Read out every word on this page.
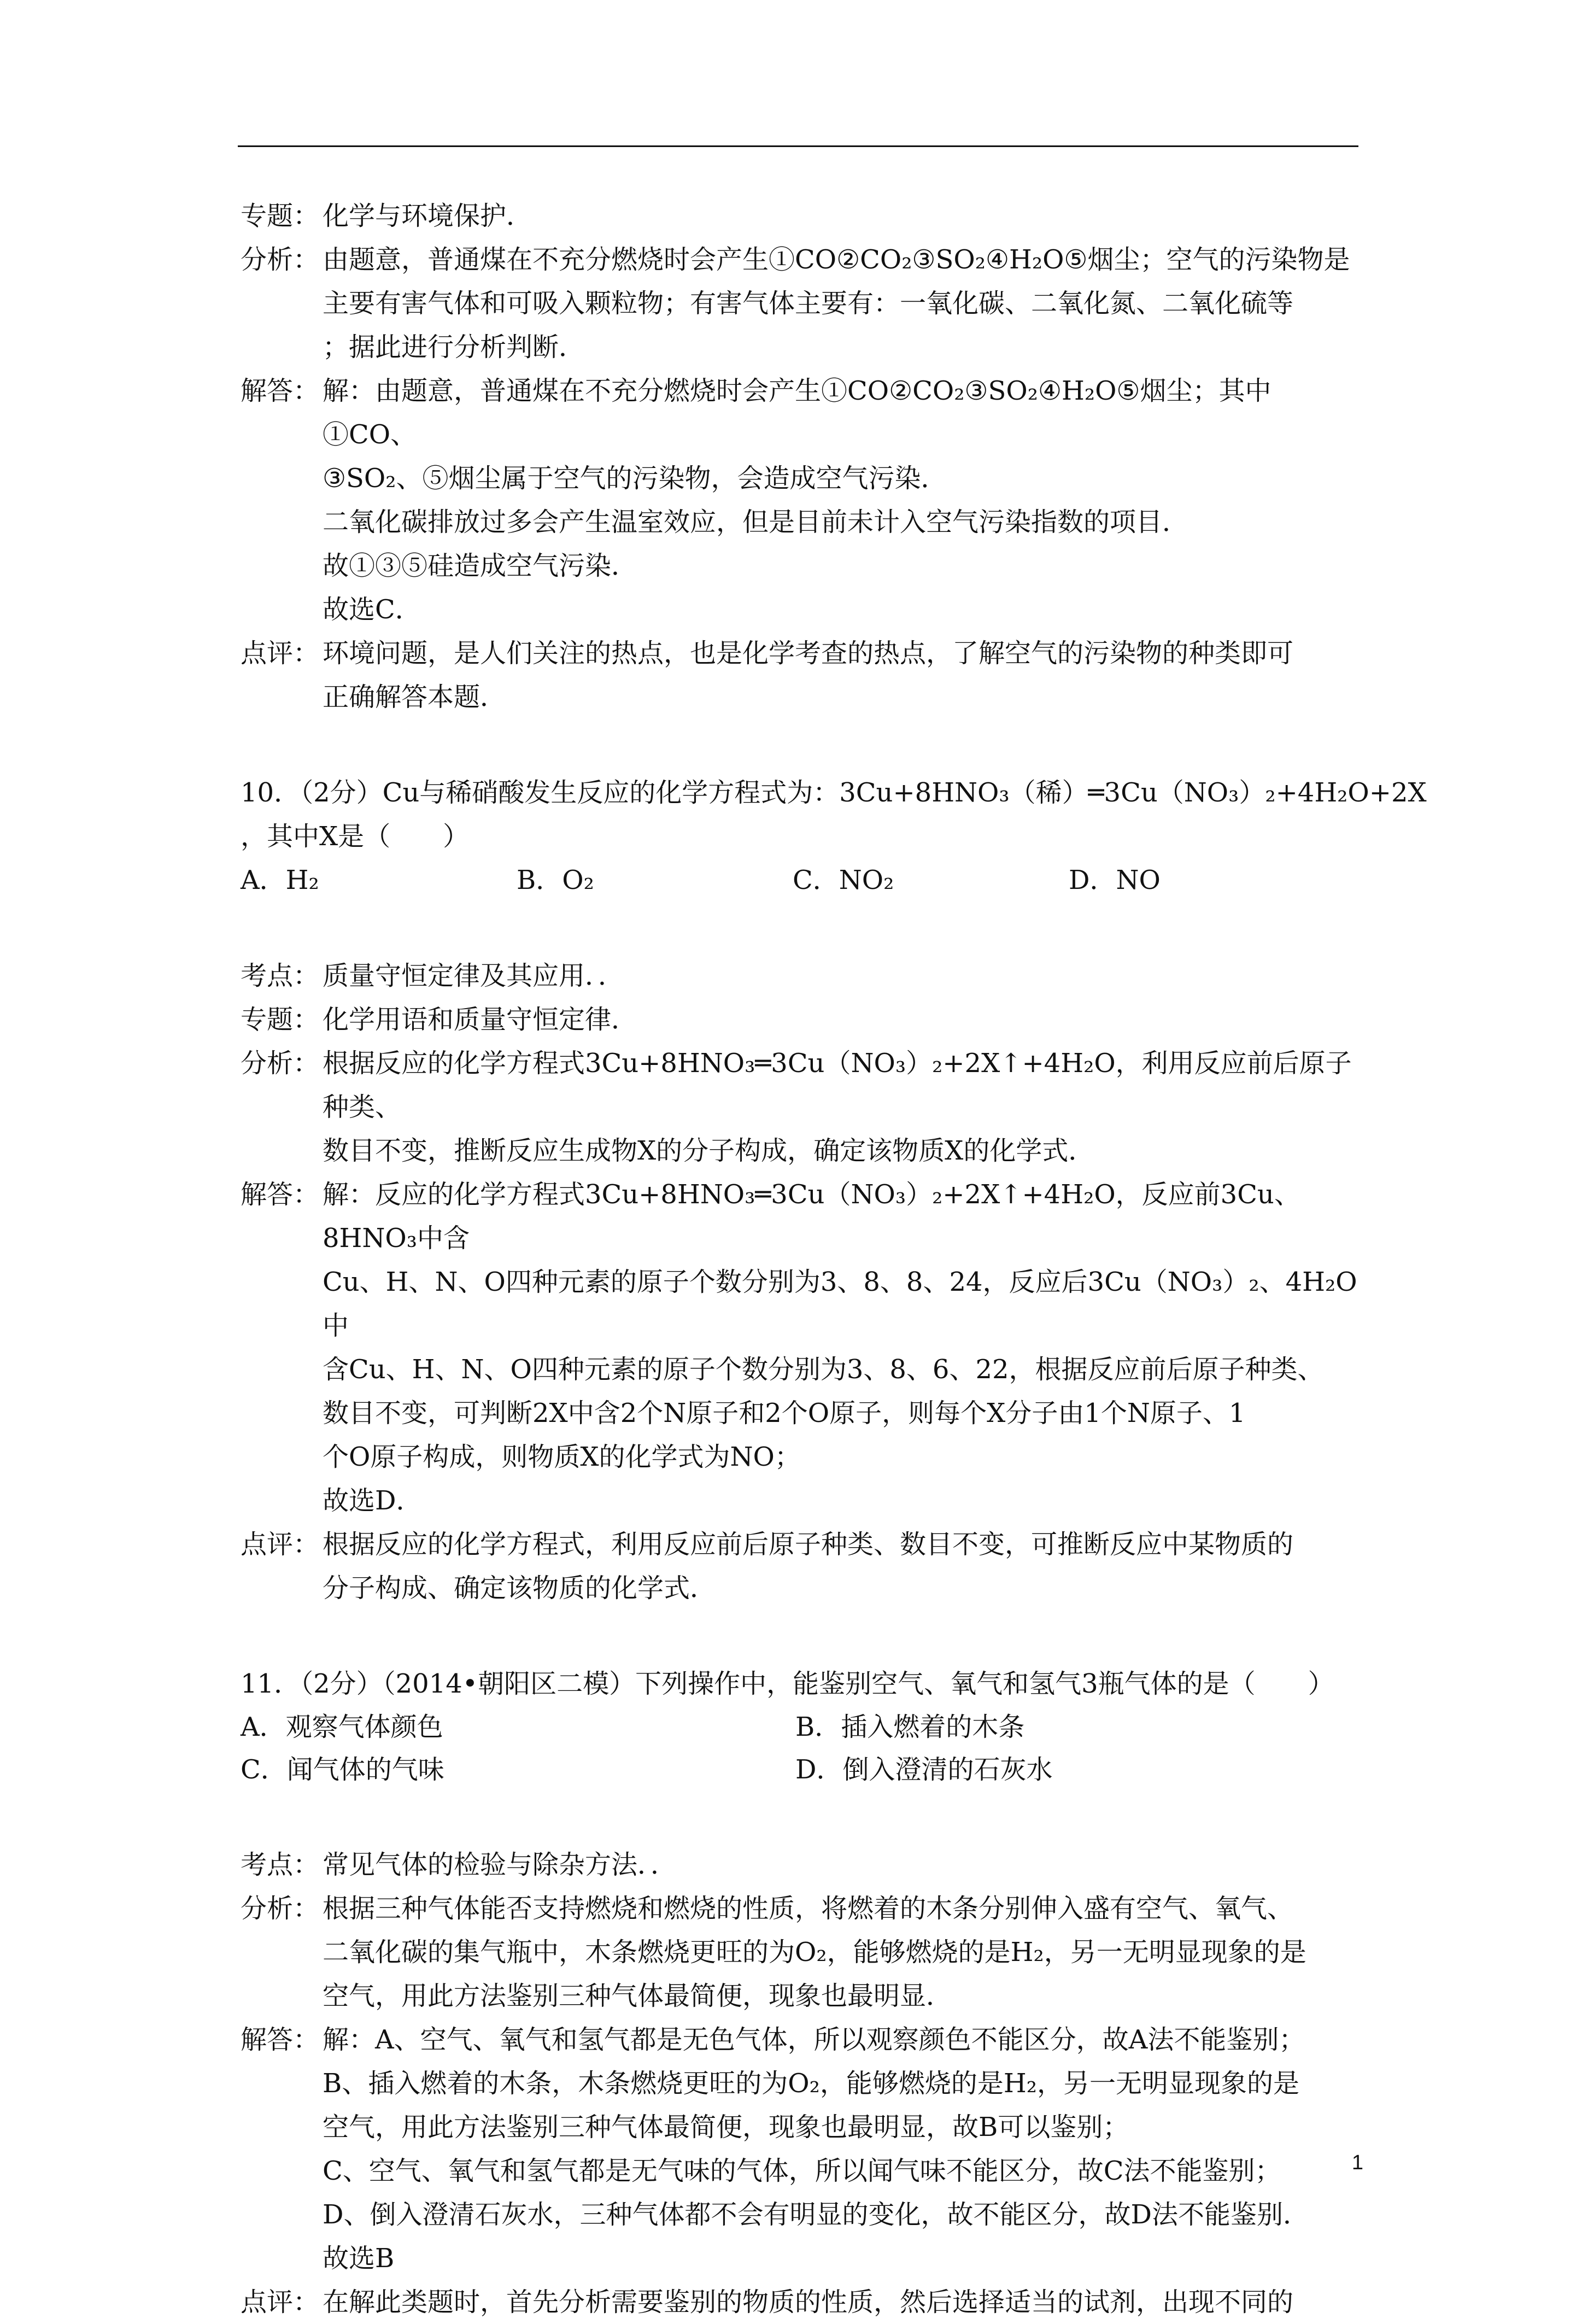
专题： 化学与环境保护．
分析： 由题意，普通煤在不充分燃烧时会产生①CO②CO₂③SO₂④H₂O⑤烟尘；空气的污染物是
主要有害气体和可吸入颗粒物；有害气体主要有：一氧化碳、二氧化氮、二氧化硫等
；据此进行分析判断．
解答： 解：由题意，普通煤在不充分燃烧时会产生①CO②CO₂③SO₂④H₂O⑤烟尘；其中①CO、
③SO₂、⑤烟尘属于空气的污染物，会造成空气污染．
二氧化碳排放过多会产生温室效应，但是目前未计入空气污染指数的项目．
故①③⑤硅造成空气污染．
故选C．
点评： 环境问题，是人们关注的热点，也是化学考查的热点，了解空气的污染物的种类即可
正确解答本题．
10．（2分）Cu与稀硝酸发生反应的化学方程式为：3Cu+8HNO₃（稀）═3Cu（NO₃）₂+4H₂O+2X
，其中X是（　　）
A．H₂	B．O₂	C．NO₂	D．NO
考点： 质量守恒定律及其应用．．
专题： 化学用语和质量守恒定律．
分析： 根据反应的化学方程式3Cu+8HNO₃═3Cu（NO₃）₂+2X↑+4H₂O，利用反应前后原子种类、
数目不变，推断反应生成物X的分子构成，确定该物质X的化学式．
解答： 解：反应的化学方程式3Cu+8HNO₃═3Cu（NO₃）₂+2X↑+4H₂O，反应前3Cu、8HNO₃中含
Cu、H、N、O四种元素的原子个数分别为3、8、8、24，反应后3Cu（NO₃）₂、4H₂O中
含Cu、H、N、O四种元素的原子个数分别为3、8、6、22，根据反应前后原子种类、
数目不变，可判断2X中含2个N原子和2个O原子，则每个X分子由1个N原子、1
个O原子构成，则物质X的化学式为NO；
故选D．
点评： 根据反应的化学方程式，利用反应前后原子种类、数目不变，可推断反应中某物质的
分子构成、确定该物质的化学式．
11．（2分）（2014•朝阳区二模）下列操作中，能鉴别空气、氧气和氢气3瓶气体的是（　　）
A．观察气体颜色	B．插入燃着的木条
C．闻气体的气味	D．倒入澄清的石灰水
考点： 常见气体的检验与除杂方法．．
分析： 根据三种气体能否支持燃烧和燃烧的性质，将燃着的木条分别伸入盛有空气、氧气、
二氧化碳的集气瓶中，木条燃烧更旺的为O₂，能够燃烧的是H₂，另一无明显现象的是
空气，用此方法鉴别三种气体最简便，现象也最明显．
解答： 解：A、空气、氧气和氢气都是无色气体，所以观察颜色不能区分，故A法不能鉴别；
B、插入燃着的木条，木条燃烧更旺的为O₂，能够燃烧的是H₂，另一无明显现象的是
空气，用此方法鉴别三种气体最简便，现象也最明显，故B可以鉴别；
C、空气、氧气和氢气都是无气味的气体，所以闻气味不能区分，故C法不能鉴别；
D、倒入澄清石灰水，三种气体都不会有明显的变化，故不能区分，故D法不能鉴别．
故选B
点评： 在解此类题时，首先分析需要鉴别的物质的性质，然后选择适当的试剂，出现不同的
1
